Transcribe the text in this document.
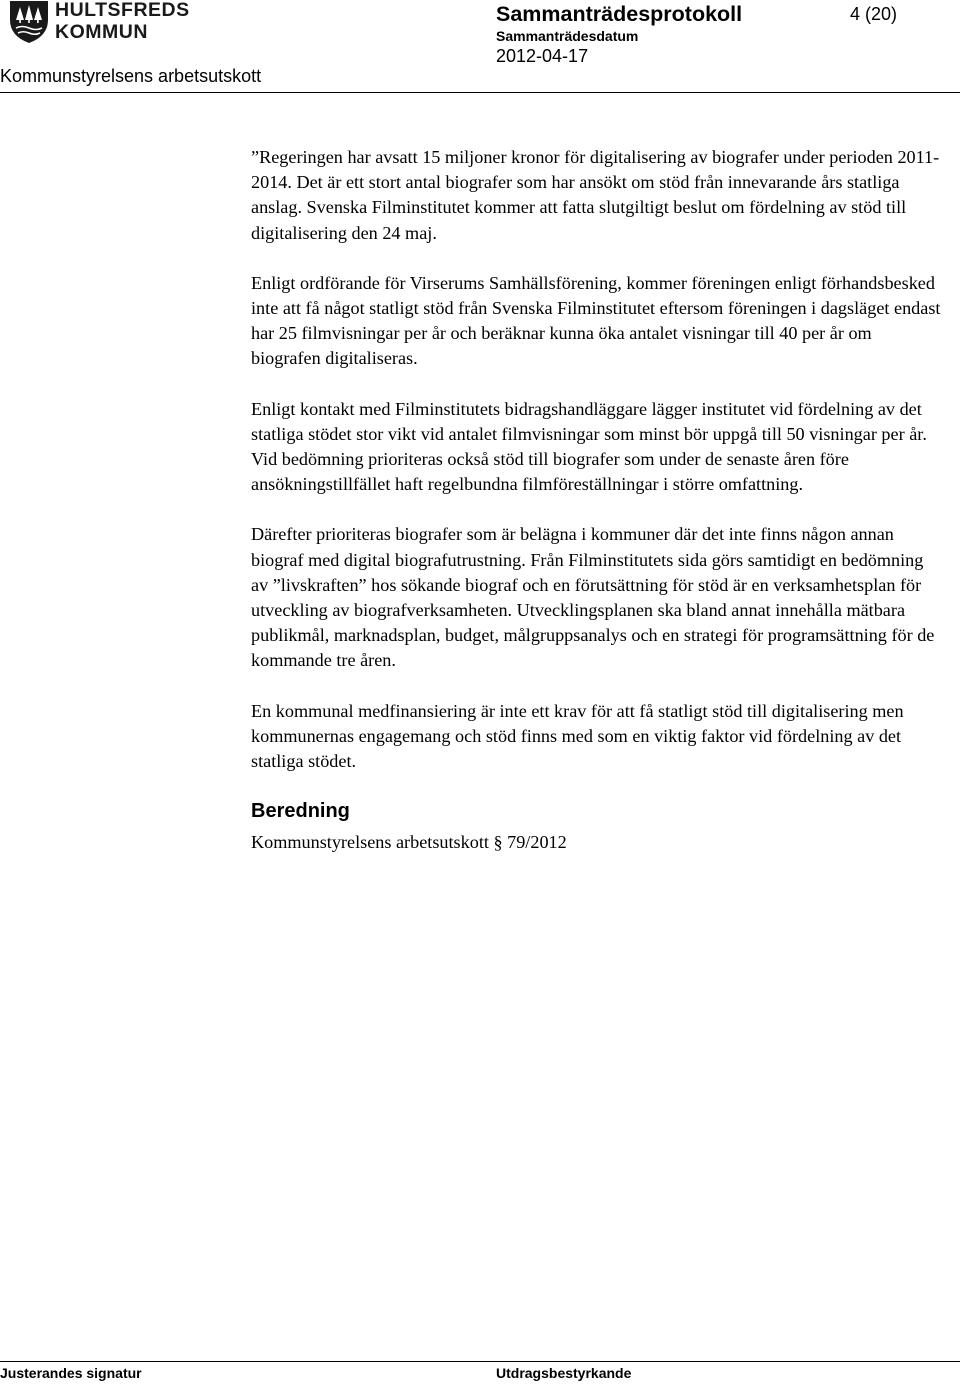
HULTSFREDS
KOMMUN
Sammanträdesprotokoll	4 (20)
Sammanträdesdatum
2012-04-17
Kommunstyrelsens arbetsutskott

”Regeringen har avsatt 15 miljoner kronor för digitalisering av biografer under perioden 2011-2014. Det är ett stort antal biografer som har ansökt om stöd från innevarande års statliga anslag. Svenska Filminstitutet kommer att fatta slutgiltigt beslut om fördelning av stöd till digitalisering den 24 maj.

Enligt ordförande för Virserums Samhällsförening, kommer föreningen enligt förhandsbesked inte att få något statligt stöd från Svenska Filminstitutet eftersom föreningen i dagsläget endast har 25 filmvisningar per år och beräknar kunna öka antalet visningar till 40 per år om biografen digitaliseras.

Enligt kontakt med Filminstitutets bidragshandläggare lägger institutet vid fördelning av det statliga stödet stor vikt vid antalet filmvisningar som minst bör uppgå till 50 visningar per år. Vid bedömning prioriteras också stöd till biografer som under de senaste åren före ansökningstillfället haft regelbundna filmföreställningar i större omfattning.

Därefter prioriteras biografer som är belägna i kommuner där det inte finns någon annan biograf med digital biografutrustning. Från Filminstitutets sida görs samtidigt en bedömning av ”livskraften” hos sökande biograf och en förutsättning för stöd är en verksamhetsplan för utveckling av biografverksamheten. Utvecklingsplanen ska bland annat innehålla mätbara publikmål, marknadsplan, budget, målgruppsanalys och en strategi för programsättning för de kommande tre åren.

En kommunal medfinansiering är inte ett krav för att få statligt stöd till digitalisering men kommunernas engagemang och stöd finns med som en viktig faktor vid fördelning av det statliga stödet.

Beredning

Kommunstyrelsens arbetsutskott § 79/2012

Justerandes signatur	Utdragsbestyrkande
